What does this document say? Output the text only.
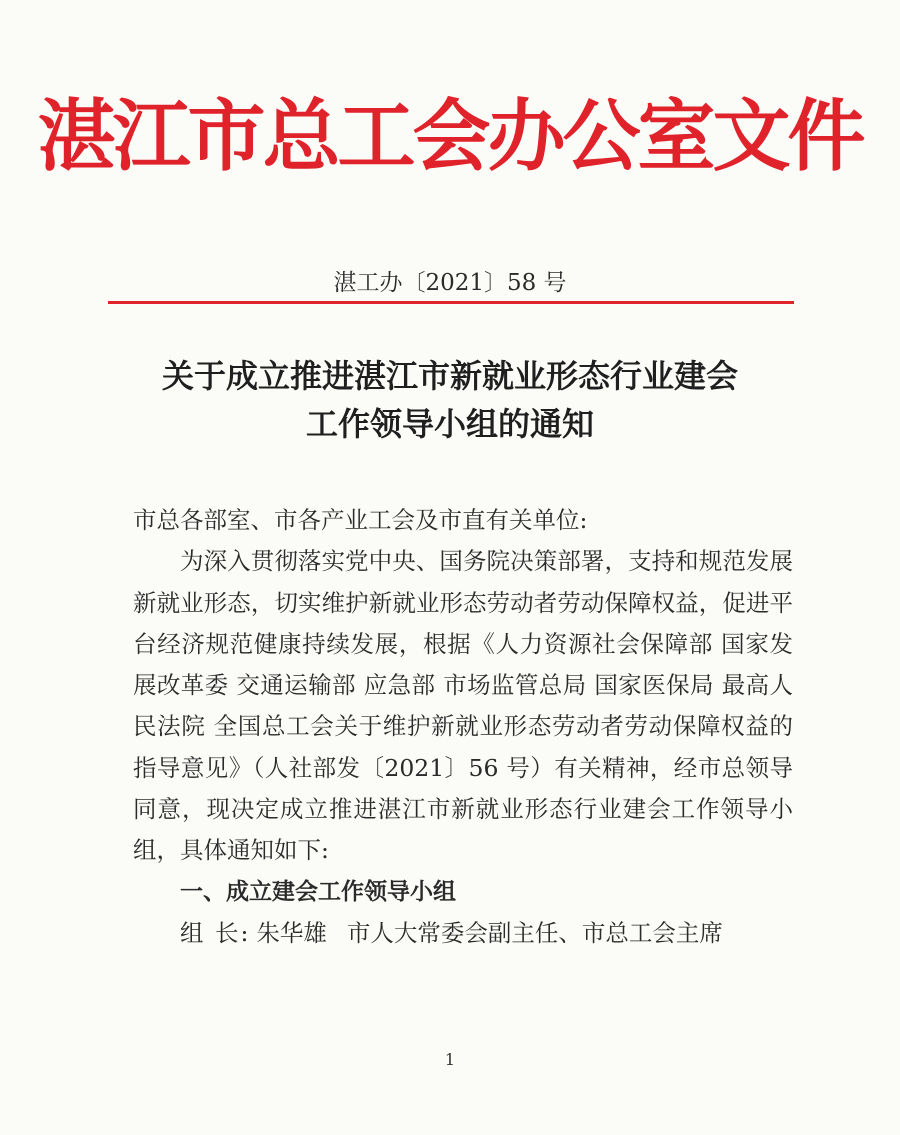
湛江市总工会办公室文件
湛工办〔2021〕58 号
关于成立推进湛江市新就业形态行业建会
工作领导小组的通知

市总各部室、市各产业工会及市直有关单位:

为深入贯彻落实党中央、国务院决策部署，支持和规范发展新就业形态，切实维护新就业形态劳动者劳动保障权益，促进平台经济规范健康持续发展，根据《人力资源社会保障部 国家发展改革委 交通运输部 应急部 市场监管总局 国家医保局 最高人民法院 全国总工会关于维护新就业形态劳动者劳动保障权益的指导意见》（人社部发〔2021〕56 号）有关精神，经市总领导同意，现决定成立推进湛江市新就业形态行业建会工作领导小组，具体通知如下:

一、成立建会工作领导小组

组 长: 朱华雄 市人大常委会副主任、市总工会主席

1
